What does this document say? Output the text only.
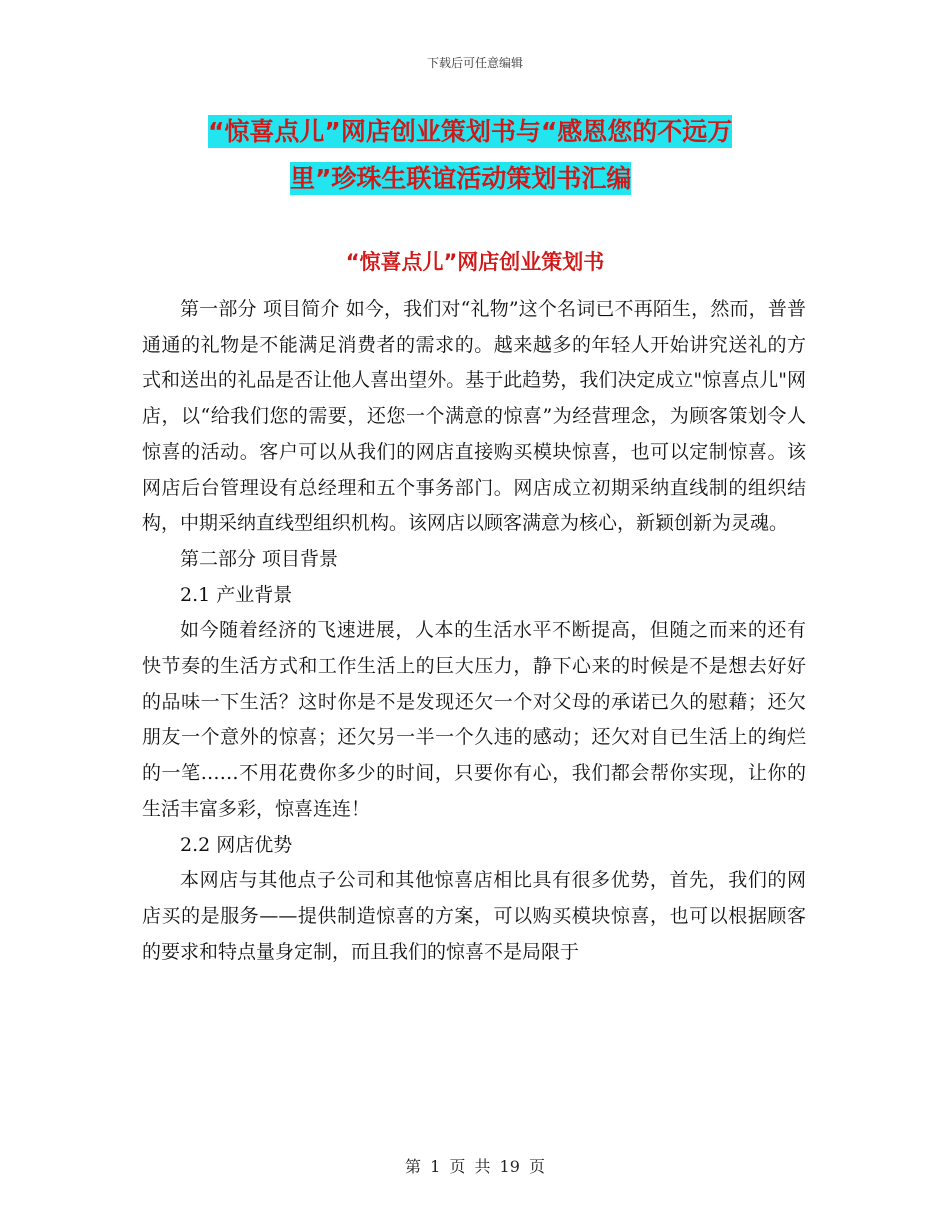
下载后可任意编辑
“惊喜点儿”网店创业策划书与“感恩您的不远万
里”珍珠生联谊活动策划书汇编
“惊喜点儿”网店创业策划书

第一部分 项目简介 如今，我们对“礼物”这个名词已不再陌生，然而，普普通通的礼物是不能满足消费者的需求的。越来越多的年轻人开始讲究送礼的方式和送出的礼品是否让他人喜出望外。基于此趋势，我们决定成立"惊喜点儿"网店，以“给我们您的需要，还您一个满意的惊喜”为经营理念，为顾客策划令人惊喜的活动。客户可以从我们的网店直接购买模块惊喜，也可以定制惊喜。该网店后台管理设有总经理和五个事务部门。网店成立初期采纳直线制的组织结构，中期采纳直线型组织机构。该网店以顾客满意为核心，新颖创新为灵魂。

第二部分 项目背景

2.1 产业背景

如今随着经济的飞速进展，人本的生活水平不断提高，但随之而来的还有快节奏的生活方式和工作生活上的巨大压力，静下心来的时候是不是想去好好的品味一下生活？这时你是不是发现还欠一个对父母的承诺已久的慰藉；还欠朋友一个意外的惊喜；还欠另一半一个久违的感动；还欠对自已生活上的绚烂的一笔……不用花费你多少的时间，只要你有心，我们都会帮你实现，让你的生活丰富多彩，惊喜连连！

2.2 网店优势

本网店与其他点子公司和其他惊喜店相比具有很多优势，首先，我们的网店买的是服务——提供制造惊喜的方案，可以购买模块惊喜，也可以根据顾客的要求和特点量身定制，而且我们的惊喜不是局限于

第 1 页 共 19 页
